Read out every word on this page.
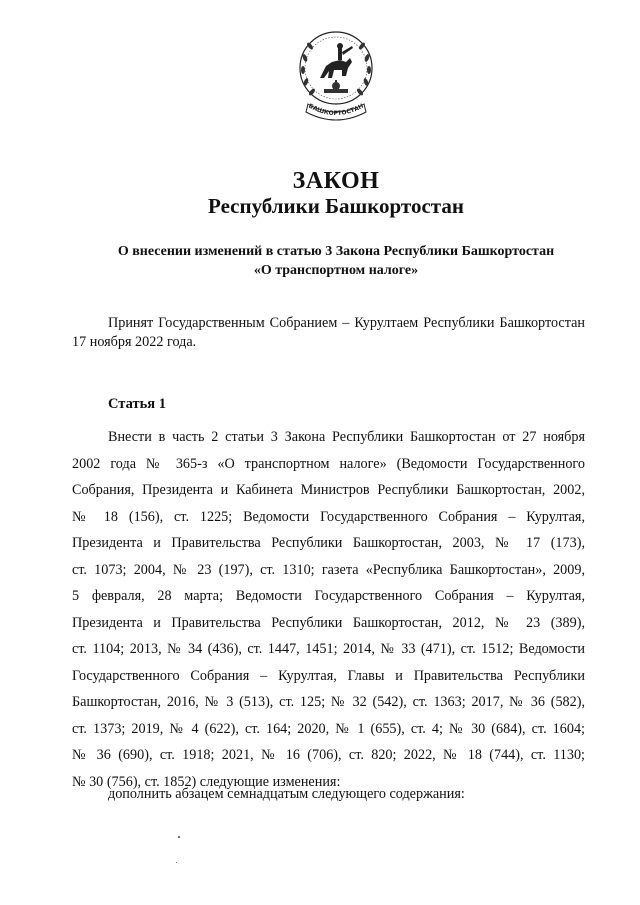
БАШКОРТОСТАН
ЗАКОН
Республики Башкортостан
О внесении изменений в статью 3 Закона Республики Башкортостан
«О транспортном налоге»
Принят Государственным Собранием – Курултаем Республики Башкортостан 17 ноября 2022 года.
Статья 1
Внести в часть 2 статьи 3 Закона Республики Башкортостан от 27 ноября
2002 года № 365-з «О транспортном налоге» (Ведомости Государственного
Собрания, Президента и Кабинета Министров Республики Башкортостан, 2002,
№ 18 (156), ст. 1225; Ведомости Государственного Собрания – Курултая,
Президента и Правительства Республики Башкортостан, 2003, № 17 (173),
ст. 1073; 2004, № 23 (197), ст. 1310; газета «Республика Башкортостан», 2009,
5 февраля, 28 марта; Ведомости Государственного Собрания – Курултая,
Президента и Правительства Республики Башкортостан, 2012, № 23 (389),
ст. 1104; 2013, № 34 (436), ст. 1447, 1451; 2014, № 33 (471), ст. 1512; Ведомости
Государственного Собрания – Курултая, Главы и Правительства Республики
Башкортостан, 2016, № 3 (513), ст. 125; № 32 (542), ст. 1363; 2017, № 36 (582),
ст. 1373; 2019, № 4 (622), ст. 164; 2020, № 1 (655), ст. 4; № 30 (684), ст. 1604;
№ 36 (690), ст. 1918; 2021, № 16 (706), ст. 820; 2022, № 18 (744), ст. 1130;
№ 30 (756), ст. 1852) следующие изменения:
дополнить абзацем семнадцатым следующего содержания:
